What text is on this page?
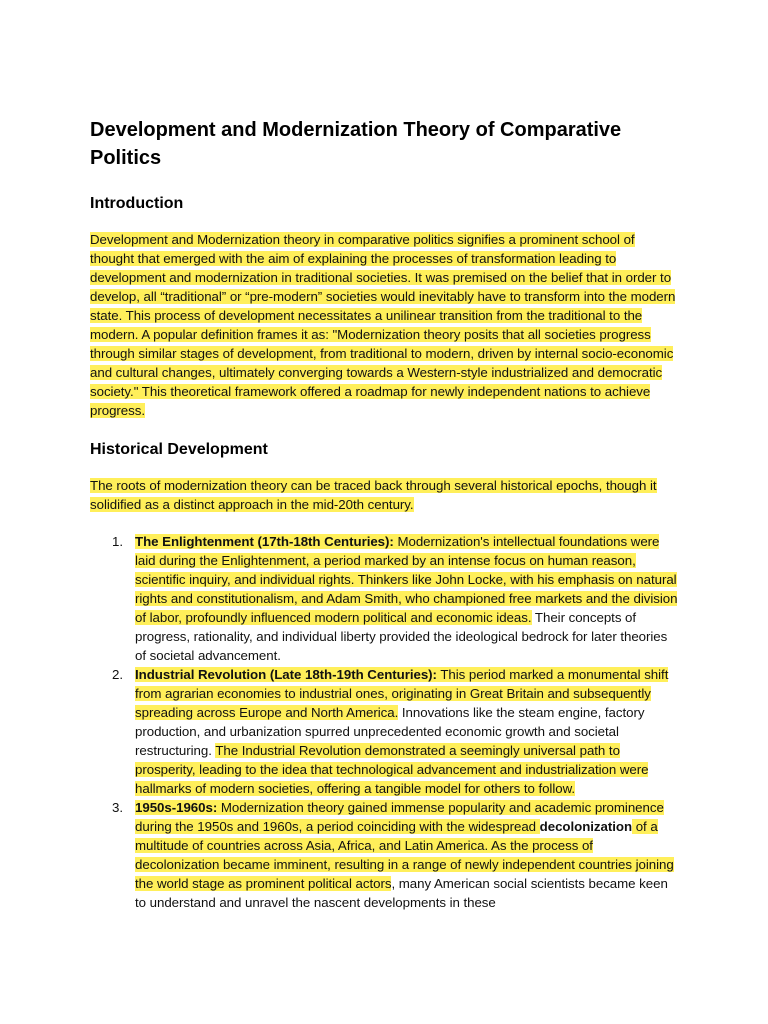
Development and Modernization Theory of Comparative Politics
Introduction

Development and Modernization theory in comparative politics signifies a prominent school of thought that emerged with the aim of explaining the processes of transformation leading to development and modernization in traditional societies. It was premised on the belief that in order to develop, all “traditional” or “pre-modern” societies would inevitably have to transform into the modern state. This process of development necessitates a unilinear transition from the traditional to the modern. A popular definition frames it as: "Modernization theory posits that all societies progress through similar stages of development, from traditional to modern, driven by internal socio-economic and cultural changes, ultimately converging towards a Western-style industrialized and democratic society." This theoretical framework offered a roadmap for newly independent nations to achieve progress.

Historical Development

The roots of modernization theory can be traced back through several historical epochs, though it solidified as a distinct approach in the mid-20th century.

1. The Enlightenment (17th-18th Centuries): Modernization's intellectual foundations were laid during the Enlightenment, a period marked by an intense focus on human reason, scientific inquiry, and individual rights. Thinkers like John Locke, with his emphasis on natural rights and constitutionalism, and Adam Smith, who championed free markets and the division of labor, profoundly influenced modern political and economic ideas. Their concepts of progress, rationality, and individual liberty provided the ideological bedrock for later theories of societal advancement.
2. Industrial Revolution (Late 18th-19th Centuries): This period marked a monumental shift from agrarian economies to industrial ones, originating in Great Britain and subsequently spreading across Europe and North America. Innovations like the steam engine, factory production, and urbanization spurred unprecedented economic growth and societal restructuring. The Industrial Revolution demonstrated a seemingly universal path to prosperity, leading to the idea that technological advancement and industrialization were hallmarks of modern societies, offering a tangible model for others to follow.
3. 1950s-1960s: Modernization theory gained immense popularity and academic prominence during the 1950s and 1960s, a period coinciding with the widespread decolonization of a multitude of countries across Asia, Africa, and Latin America. As the process of decolonization became imminent, resulting in a range of newly independent countries joining the world stage as prominent political actors, many American social scientists became keen to understand and unravel the nascent developments in these
